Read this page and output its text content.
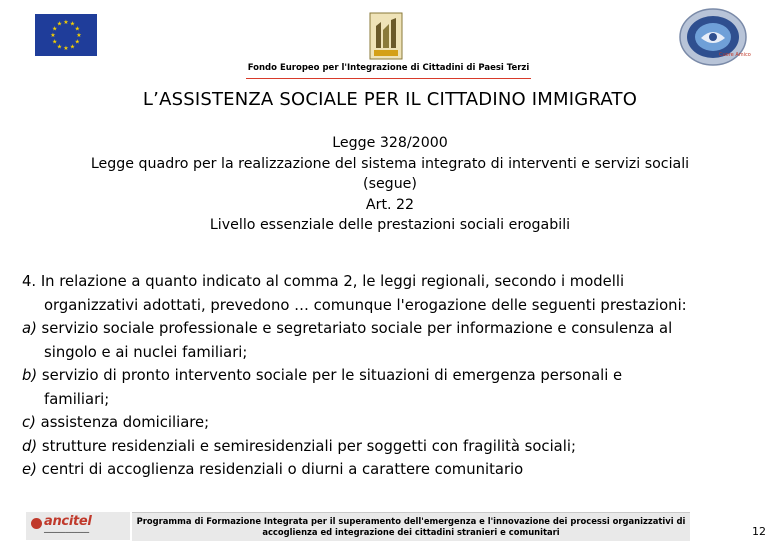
★ ★
★
★
★
★
★
★
★
★
★
★
Cuore Amico
Fondo Europeo per l'Integrazione di Cittadini di Paesi Terzi
L’ASSISTENZA SOCIALE PER IL CITTADINO IMMIGRATO
Legge 328/2000
Legge quadro per la realizzazione del sistema integrato di interventi e servizi sociali
(segue)
Art. 22
Livello essenziale delle prestazioni sociali erogabili
4. In relazione a quanto indicato al comma 2, le leggi regionali, secondo i modelli
organizzativi adottati, prevedono … comunque l'erogazione delle seguenti prestazioni:
a) servizio sociale professionale e segretariato sociale per informazione e consulenza al
singolo e ai nuclei familiari;
b) servizio di pronto intervento sociale per le situazioni di emergenza personali e
familiari;
c) assistenza domiciliare;
d) strutture residenziali e semiresidenziali per soggetti con fragilità sociali;
e) centri di accoglienza residenziali o diurni a carattere comunitario
ancitel
━━━━━━━━━━━━━━━
Programma di Formazione Integrata per il superamento dell'emergenza e l'innovazione dei processi organizzativi di
accoglienza ed integrazione dei cittadini stranieri e comunitari	12
